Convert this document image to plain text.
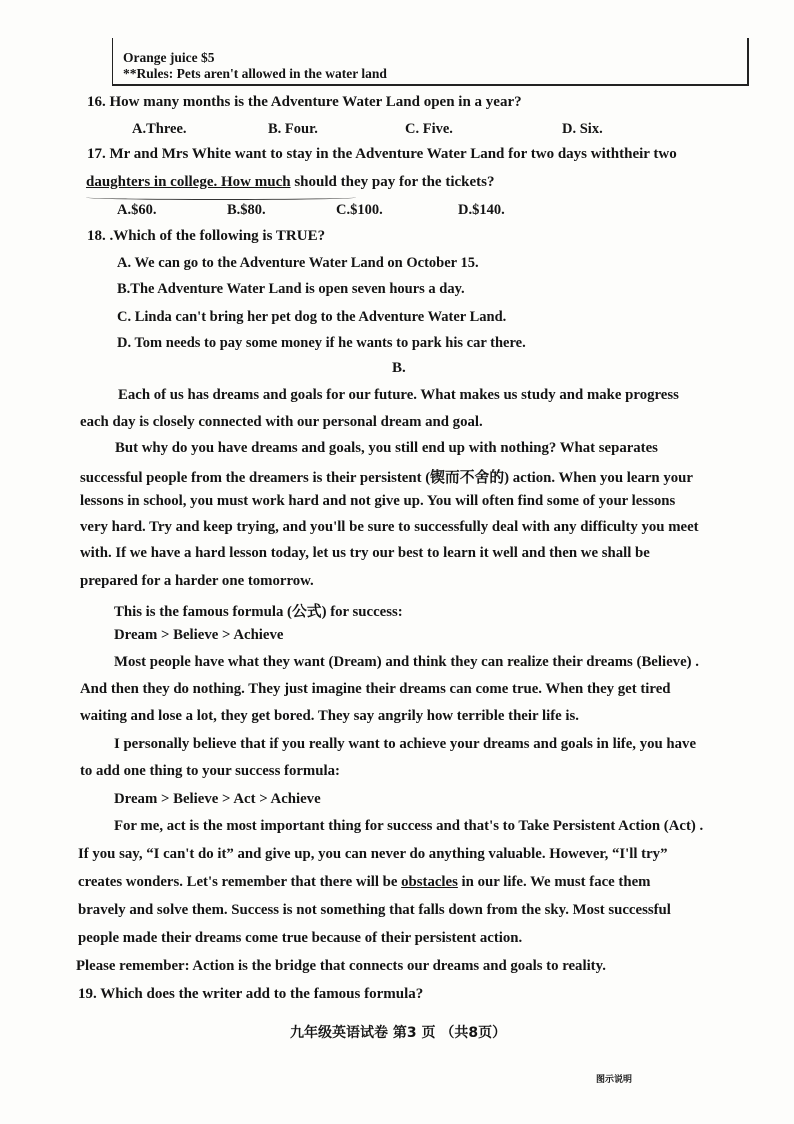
Orange juice $5
**Rules: Pets aren't allowed in the water land
16. How many months is the Adventure Water Land open in a year?
A.Three.	B. Four.	C. Five.	D. Six.
17. Mr and Mrs White want to stay in the Adventure Water Land for two days withtheir two
daughters in college. How much should they pay for the tickets?
A.$60.	B.$80.	C.$100.	D.$140.
18. .Which of the following is TRUE?
A. We can go to the Adventure Water Land on October 15.
B.The Adventure Water Land is open seven hours a day.
C. Linda can't bring her pet dog to the Adventure Water Land.
D. Tom needs to pay some money if he wants to park his car there.
B.
Each of us has dreams and goals for our future. What makes us study and make progress
each day is closely connected with our personal dream and goal.
But why do you have dreams and goals, you still end up with nothing? What separates
successful people from the dreamers is their persistent (锲而不舍的) action. When you learn your
lessons in school, you must work hard and not give up. You will often find some of your lessons
very hard. Try and keep trying, and you'll be sure to successfully deal with any difficulty you meet
with. If we have a hard lesson today, let us try our best to learn it well and then we shall be
prepared for a harder one tomorrow.
This is the famous formula (公式) for success:
Dream > Believe > Achieve
Most people have what they want (Dream) and think they can realize their dreams (Believe) .
And then they do nothing. They just imagine their dreams can come true. When they get tired
waiting and lose a lot, they get bored. They say angrily how terrible their life is.
I personally believe that if you really want to achieve your dreams and goals in life, you have
to add one thing to your success formula:
Dream > Believe > Act > Achieve
For me, act is the most important thing for success and that's to Take Persistent Action (Act) .
If you say, “I can't do it” and give up, you can never do anything valuable. However, “I'll try”
creates wonders. Let's remember that there will be obstacles in our life. We must face them
bravely and solve them. Success is not something that falls down from the sky. Most successful
people made their dreams come true because of their persistent action.
Please remember: Action is the bridge that connects our dreams and goals to reality.
19. Which does the writer add to the famous formula?
九年级英语试卷 第3 页 （共8页）
图示说明
